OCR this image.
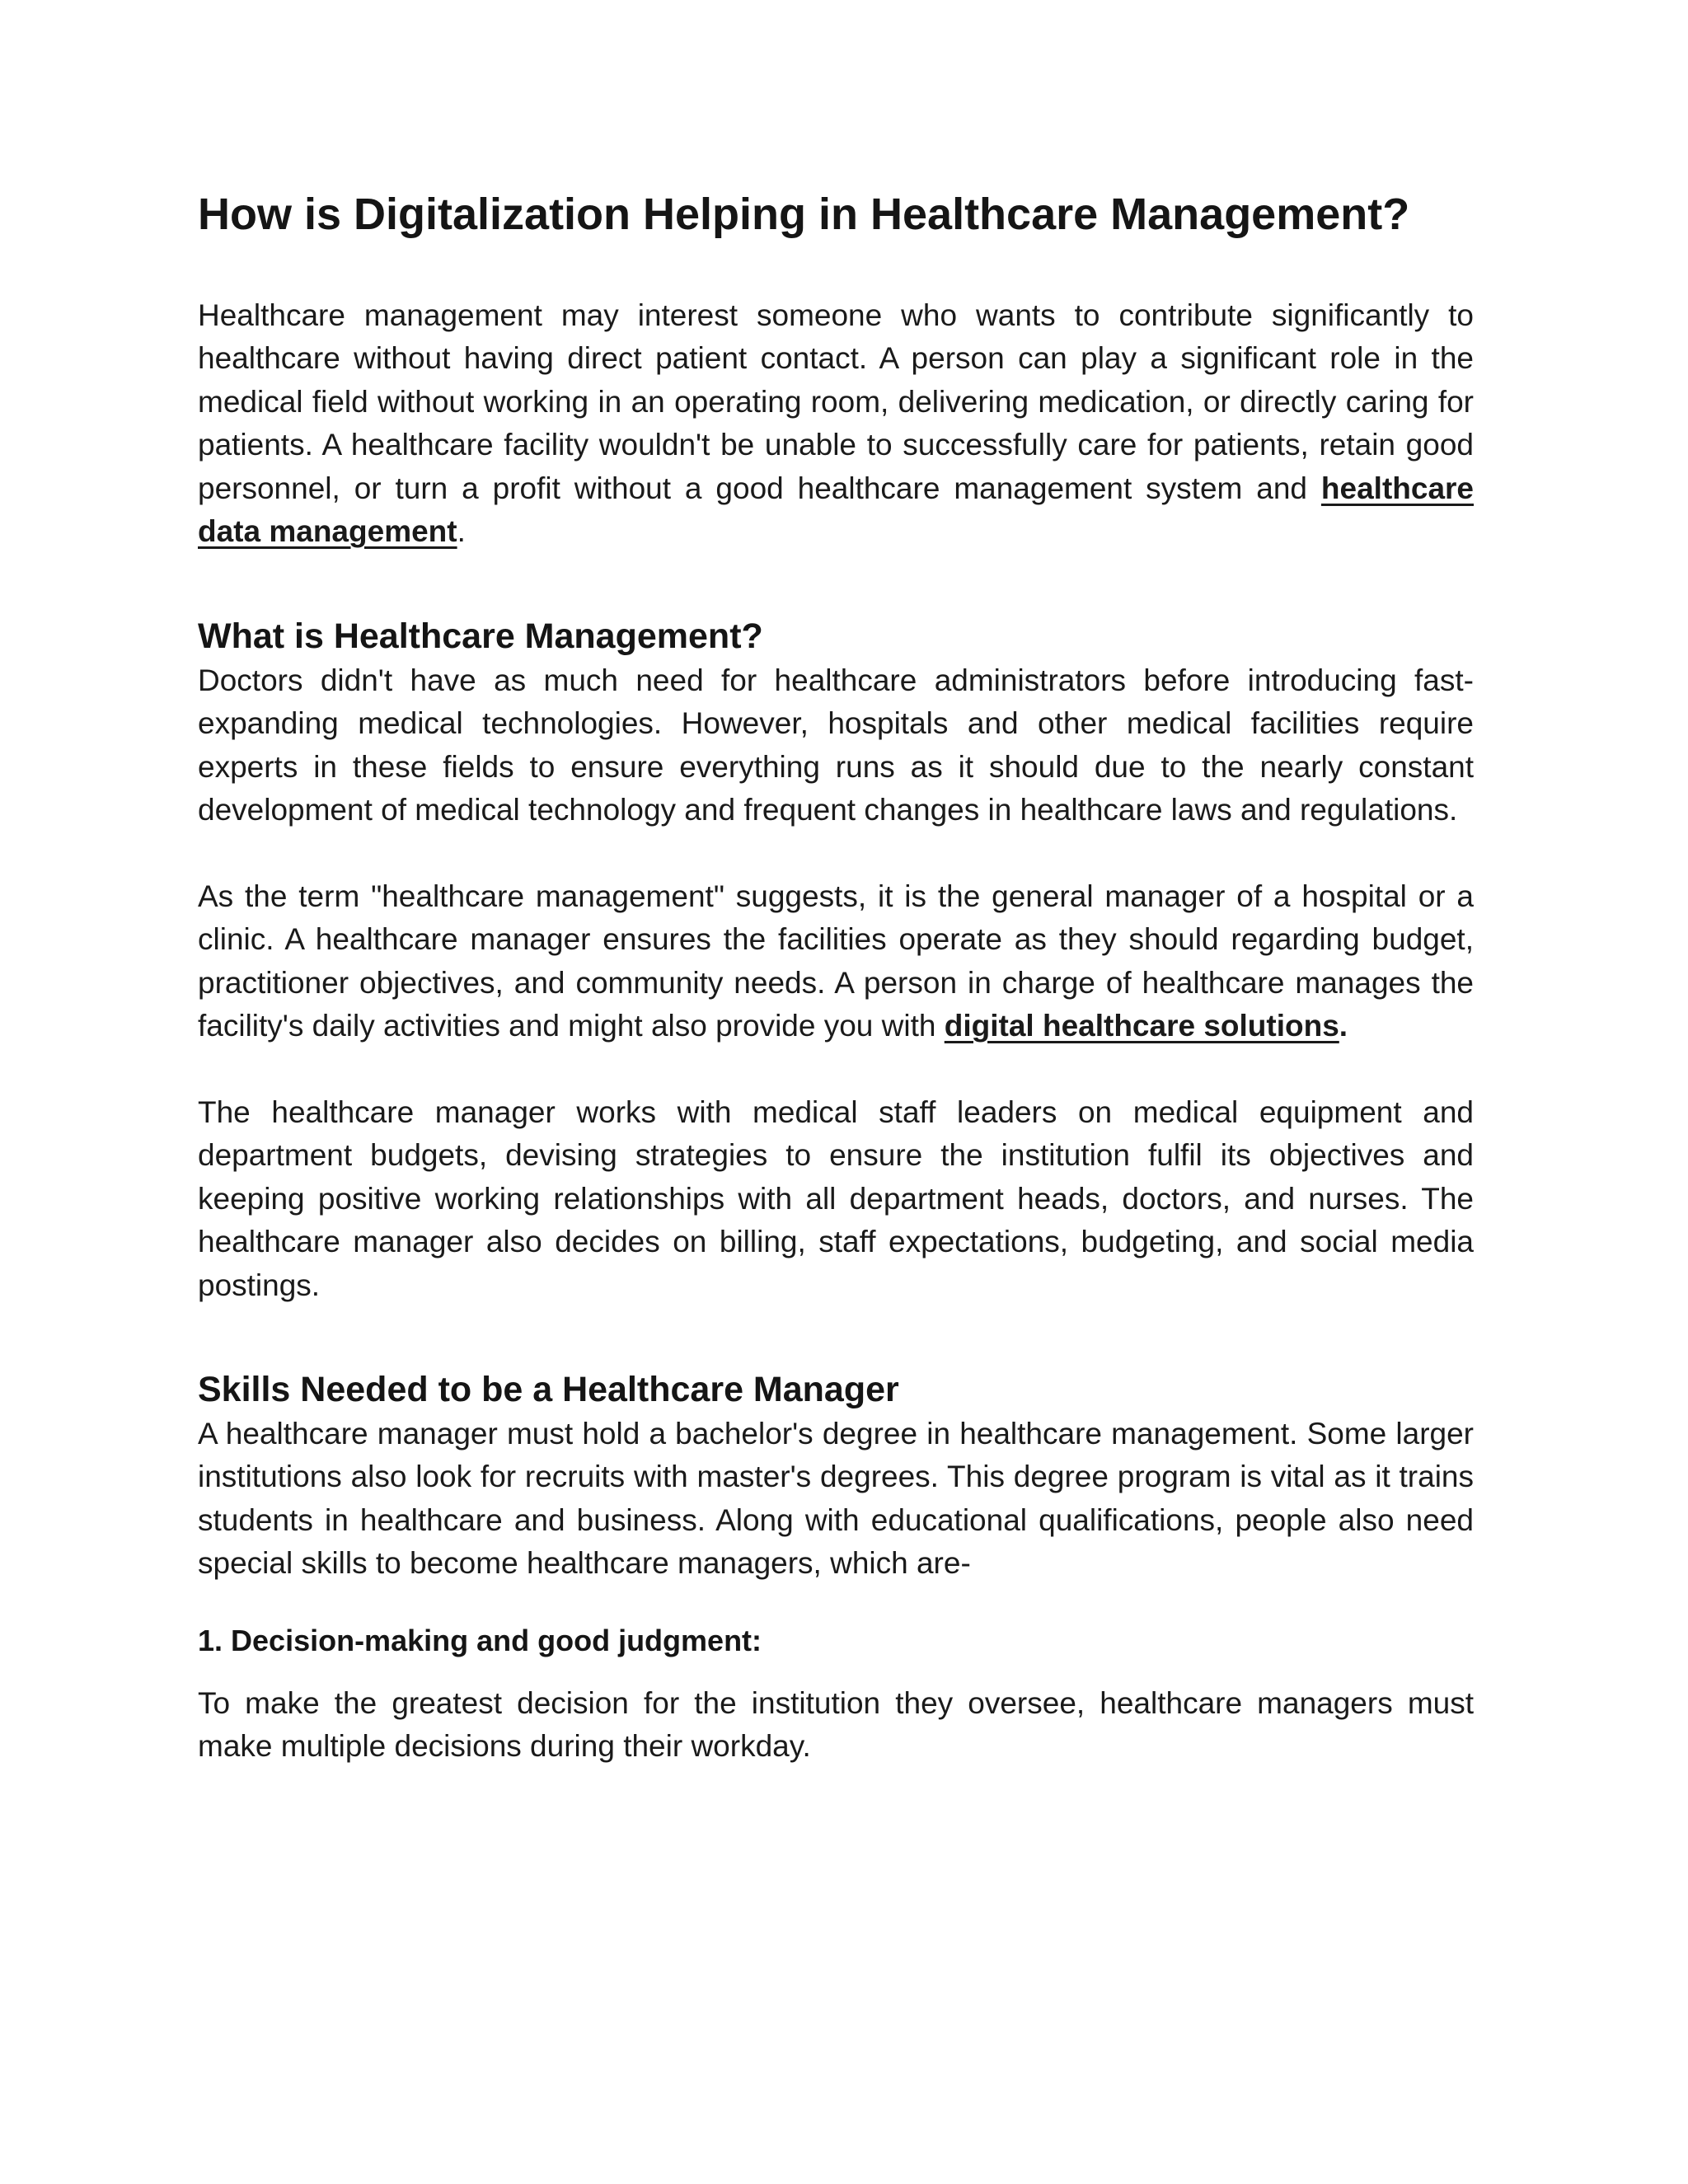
How is Digitalization Helping in Healthcare Management?

Healthcare management may interest someone who wants to contribute significantly to healthcare without having direct patient contact. A person can play a significant role in the medical field without working in an operating room, delivering medication, or directly caring for patients. A healthcare facility wouldn't be unable to successfully care for patients, retain good personnel, or turn a profit without a good healthcare management system and healthcare data management.

What is Healthcare Management?

Doctors didn't have as much need for healthcare administrators before introducing fast-expanding medical technologies. However, hospitals and other medical facilities require experts in these fields to ensure everything runs as it should due to the nearly constant development of medical technology and frequent changes in healthcare laws and regulations.

As the term "healthcare management" suggests, it is the general manager of a hospital or a clinic. A healthcare manager ensures the facilities operate as they should regarding budget, practitioner objectives, and community needs. A person in charge of healthcare manages the facility's daily activities and might also provide you with digital healthcare solutions.

The healthcare manager works with medical staff leaders on medical equipment and department budgets, devising strategies to ensure the institution fulfil its objectives and keeping positive working relationships with all department heads, doctors, and nurses. The healthcare manager also decides on billing, staff expectations, budgeting, and social media postings.

Skills Needed to be a Healthcare Manager

A healthcare manager must hold a bachelor's degree in healthcare management. Some larger institutions also look for recruits with master's degrees. This degree program is vital as it trains students in healthcare and business. Along with educational qualifications, people also need special skills to become healthcare managers, which are-

1. Decision-making and good judgment:

To make the greatest decision for the institution they oversee, healthcare managers must make multiple decisions during their workday.
